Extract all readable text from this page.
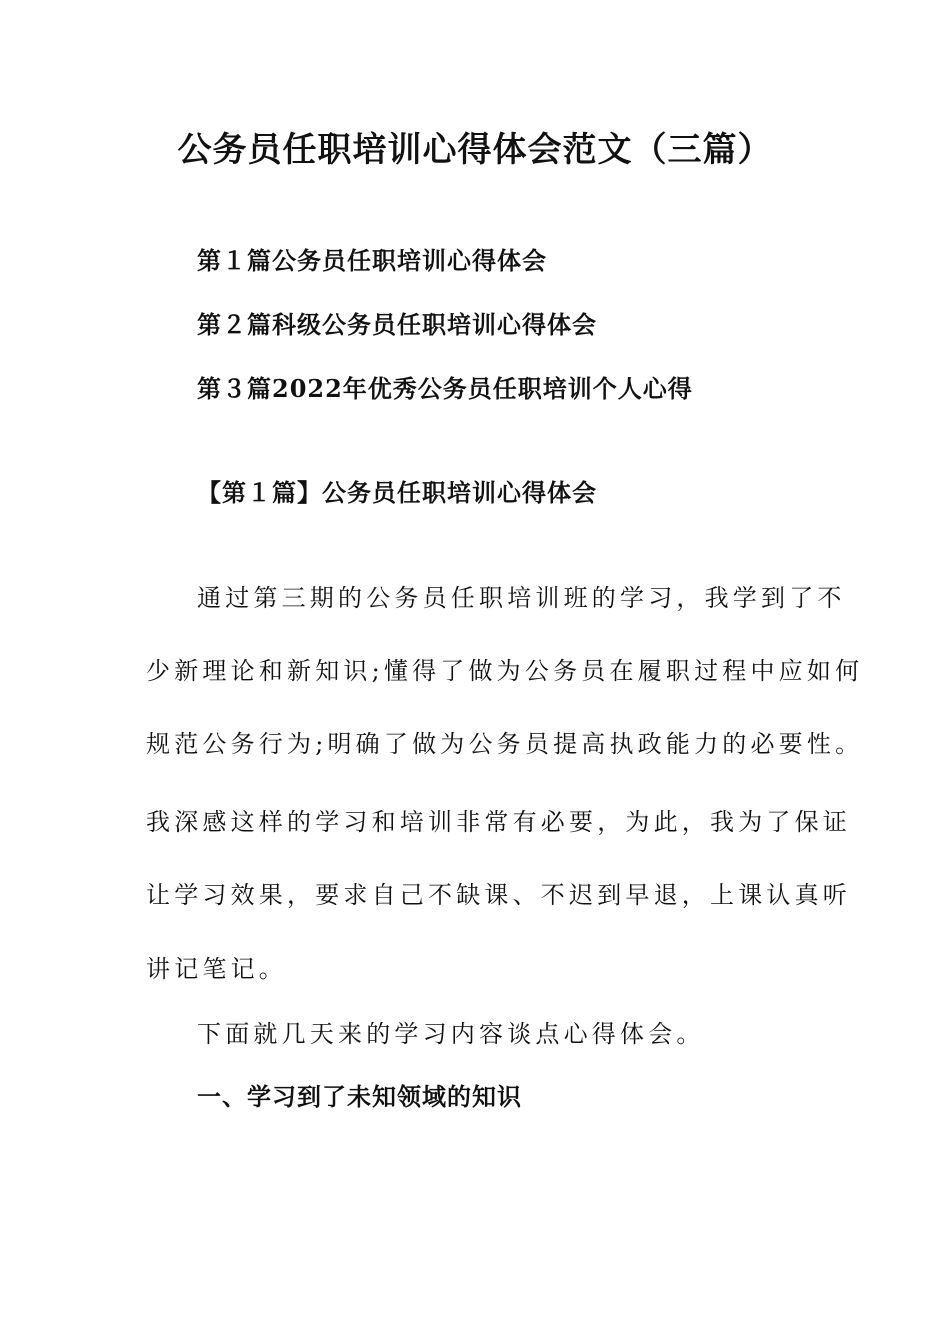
公务员任职培训心得体会范文（三篇）

第１篇公务员任职培训心得体会

第２篇科级公务员任职培训心得体会

第３篇2022年优秀公务员任职培训个人心得

【第１篇】公务员任职培训心得体会

通过第三期的公务员任职培训班的学习，我学到了不

少新理论和新知识;懂得了做为公务员在履职过程中应如何

规范公务行为;明确了做为公务员提高执政能力的必要性。

我深感这样的学习和培训非常有必要，为此，我为了保证

让学习效果，要求自己不缺课、不迟到早退，上课认真听

讲记笔记。

下面就几天来的学习内容谈点心得体会。

一、学习到了未知领域的知识
